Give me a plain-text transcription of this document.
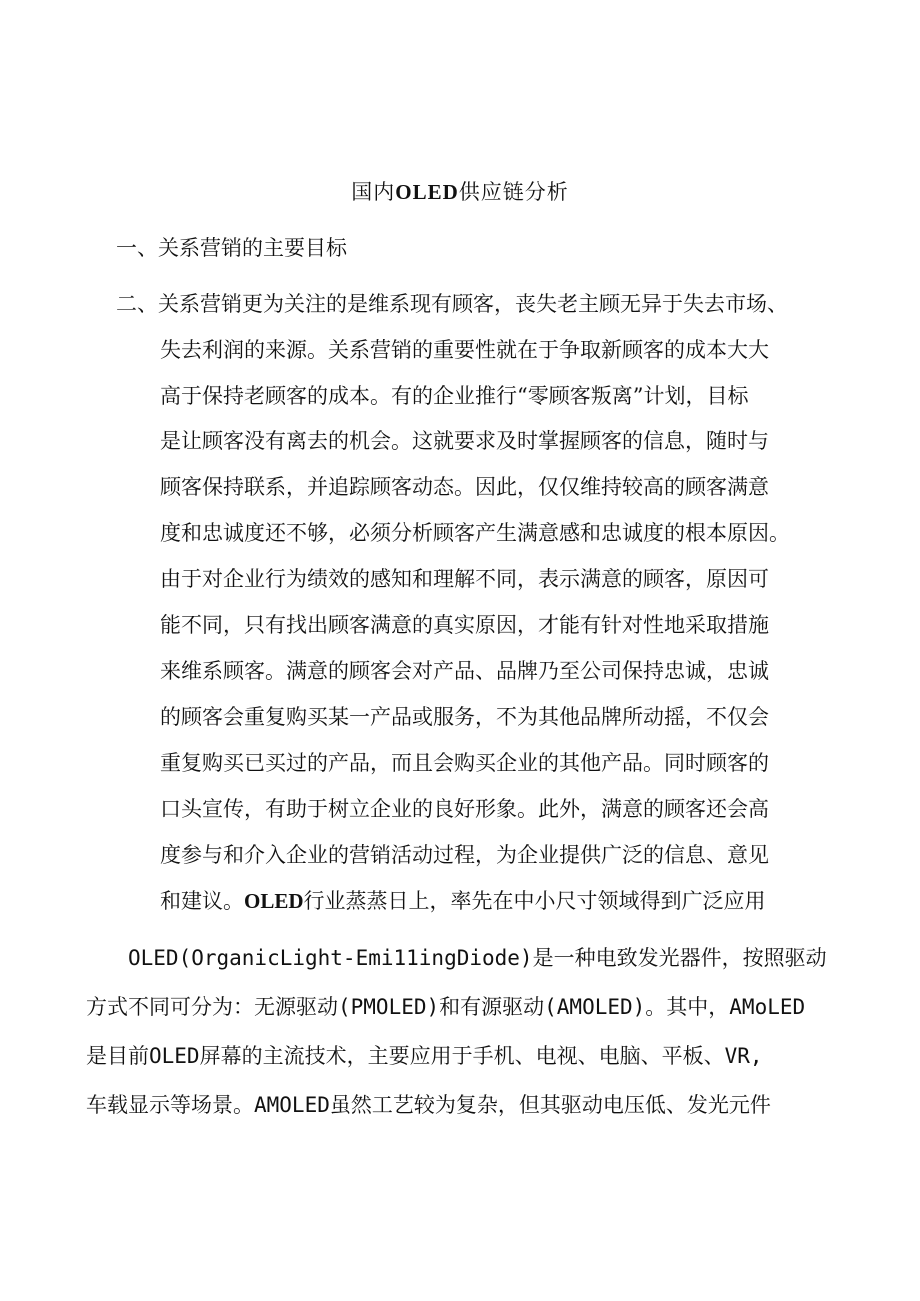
国内OLED供应链分析
一、关系营销的主要目标
二、关系营销更为关注的是维系现有顾客，丧失老主顾无异于失去市场、
失去利润的来源。关系营销的重要性就在于争取新顾客的成本大大
高于保持老顾客的成本。有的企业推行“零顾客叛离”计划，目标
是让顾客没有离去的机会。这就要求及时掌握顾客的信息，随时与
顾客保持联系，并追踪顾客动态。因此，仅仅维持较高的顾客满意
度和忠诚度还不够，必须分析顾客产生满意感和忠诚度的根本原因。
由于对企业行为绩效的感知和理解不同，表示满意的顾客，原因可
能不同，只有找出顾客满意的真实原因，才能有针对性地采取措施
来维系顾客。满意的顾客会对产品、品牌乃至公司保持忠诚，忠诚
的顾客会重复购买某一产品或服务，不为其他品牌所动摇，不仅会
重复购买已买过的产品，而且会购买企业的其他产品。同时顾客的
口头宣传，有助于树立企业的良好形象。此外，满意的顾客还会高
度参与和介入企业的营销活动过程，为企业提供广泛的信息、意见
和建议。OLED行业蒸蒸日上，率先在中小尺寸领域得到广泛应用
OLED(OrganicLight-Emi11ingDiode)是一种电致发光器件，按照驱动
方式不同可分为：无源驱动(PMOLED)和有源驱动(AMOLED)。其中，AMoLED
是目前OLED屏幕的主流技术，主要应用于手机、电视、电脑、平板、VR,
车载显示等场景。AMOLED虽然工艺较为复杂，但其驱动电压低、发光元件
